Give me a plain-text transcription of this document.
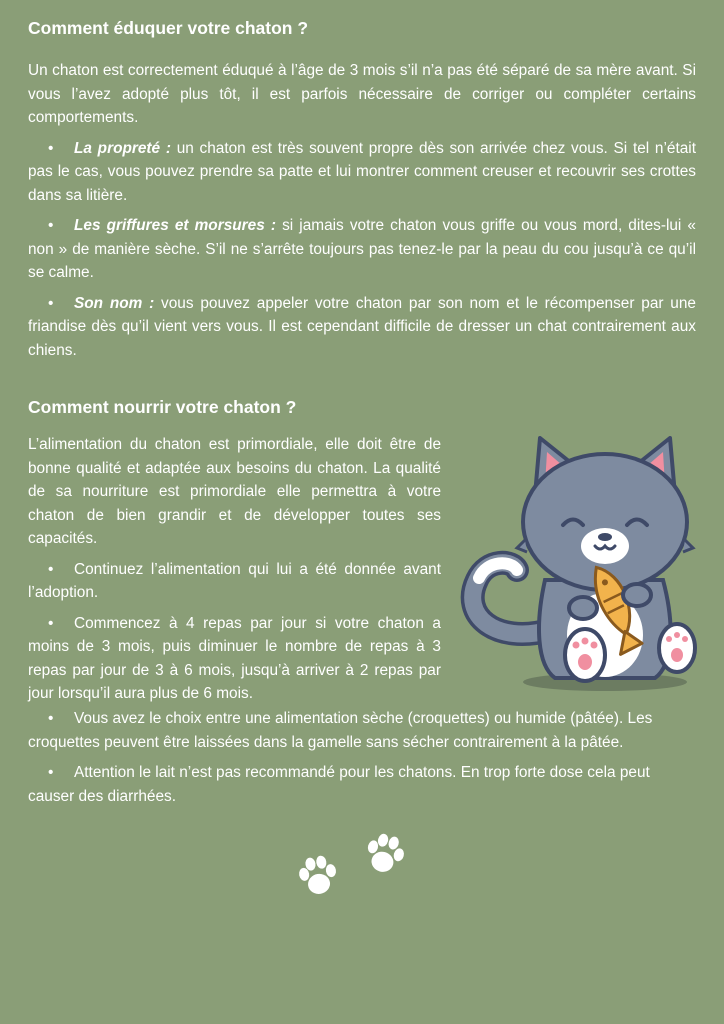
Comment éduquer votre chaton ?

Un chaton est correctement éduqué à l’âge de 3 mois s’il n’a pas été séparé de sa mère avant. Si vous l’avez adopté plus tôt, il est parfois nécessaire de corriger ou compléter certains comportements.

• La propreté : un chaton est très souvent propre dès son arrivée chez vous. Si tel n’était pas le cas, vous pouvez prendre sa patte et lui montrer comment creuser et recouvrir ses crottes dans sa litière.

• Les griffures et morsures : si jamais votre chaton vous griffe ou vous mord, dites-lui « non » de manière sèche. S’il ne s’arrête toujours pas tenez-le par la peau du cou jusqu’à ce qu’il se calme.

• Son nom : vous pouvez appeler votre chaton par son nom et le récompenser par une friandise dès qu’il vient vers vous. Il est cependant difficile de dresser un chat contrairement aux chiens.

Comment nourrir votre chaton ?

L’alimentation du chaton est primordiale, elle doit être de bonne qualité et adaptée aux besoins du chaton. La qualité de sa nourriture est primordiale elle permettra à votre chaton de bien grandir et de développer toutes ses capacités.

• Continuez l’alimentation qui lui a été donnée avant l’adoption.

• Commencez à 4 repas par jour si votre chaton a moins de 3 mois, puis diminuer le nombre de repas à 3 repas par jour de 3 à 6 mois, jusqu’à arriver à 2 repas par jour lorsqu’il aura plus de 6 mois.

• Vous avez le choix entre une alimentation sèche (croquettes) ou humide (pâtée). Les croquettes peuvent être laissées dans la gamelle sans sécher contrairement à la pâtée.

• Attention le lait n’est pas recommandé pour les chatons. En trop forte dose cela peut causer des diarrhées.
